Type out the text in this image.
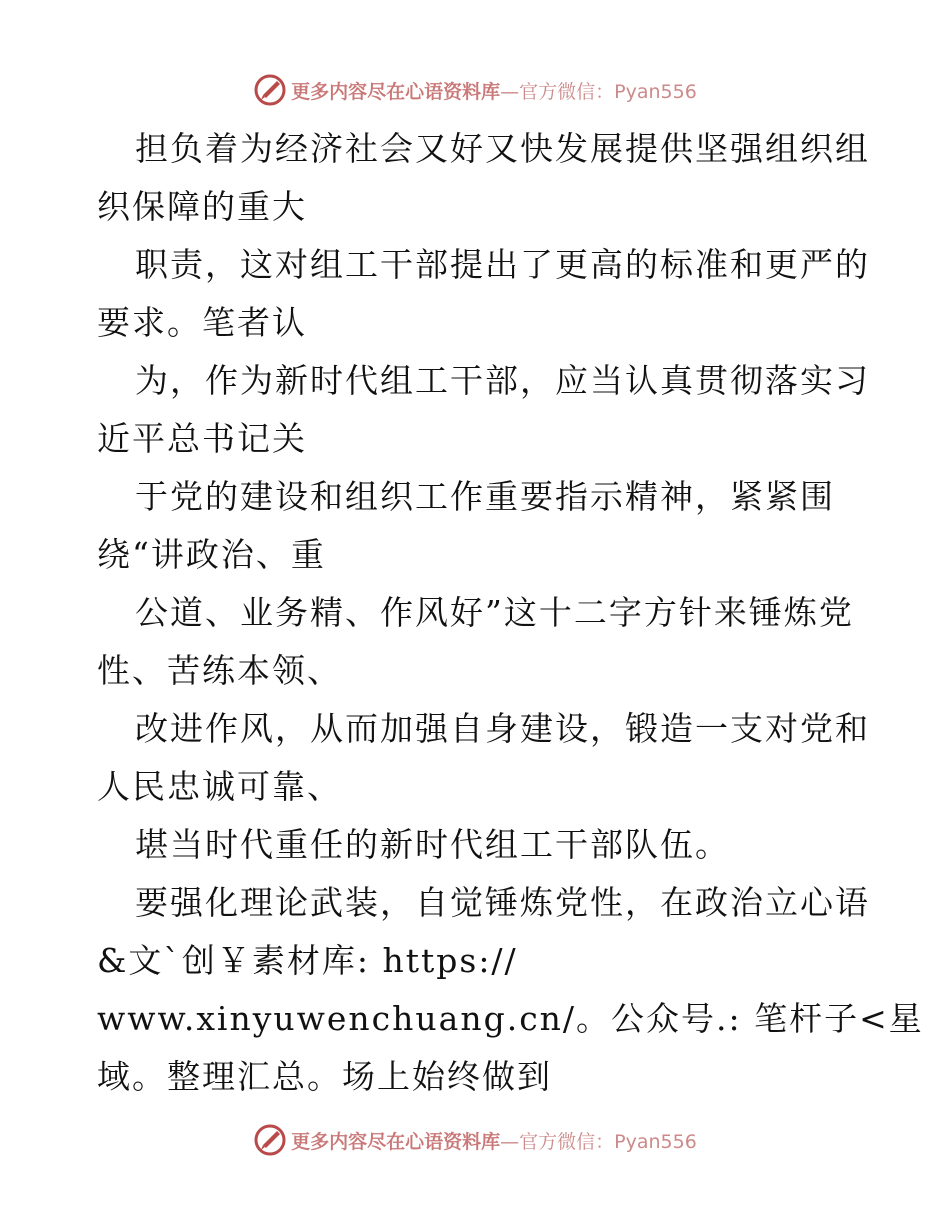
更多内容尽在心语资料库—官方微信：Pyan556
担负着为经济社会又好又快发展提供坚强组织组
织保障的重大
职责，这对组工干部提出了更高的标准和更严的
要求。笔者认
为，作为新时代组工干部，应当认真贯彻落实习
近平总书记关
于党的建设和组织工作重要指示精神，紧紧围
绕“讲政治、重
公道、业务精、作风好”这十二字方针来锤炼党
性、苦练本领、
改进作风，从而加强自身建设，锻造一支对党和
人民忠诚可靠、
堪当时代重任的新时代组工干部队伍。
要强化理论武装，自觉锤炼党性，在政治立心语
&文`创￥素材库: https://
www.xinyuwenchuang.cn/。公众号.: 笔杆子<星
域。整理汇总。场上始终做到
更多内容尽在心语资料库—官方微信：Pyan556
